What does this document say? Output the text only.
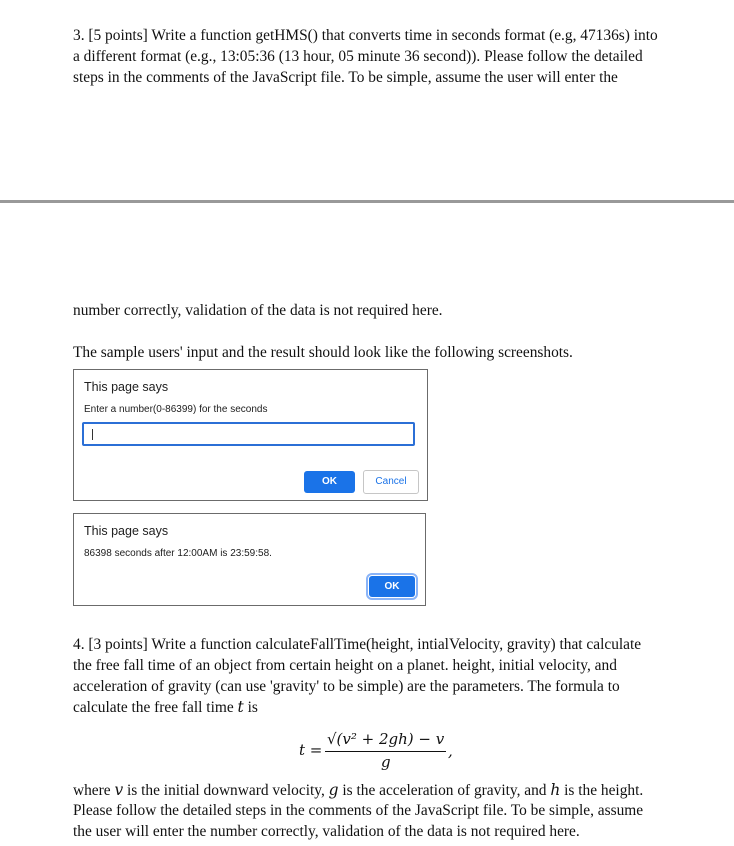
3. [5 points] Write a function getHMS() that converts time in seconds format (e.g, 47136s) into
a different format (e.g., 13:05:36 (13 hour, 05 minute 36 second)). Please follow the detailed
steps in the comments of the JavaScript file. To be simple, assume the user will enter the
number correctly, validation of the data is not required here.
The sample users' input and the result should look like the following screenshots.
This page says
Enter a number(0-86399) for the seconds
OK	Cancel
This page says
86398 seconds after 12:00AM is 23:59:58.
OK
4. [3 points] Write a function calculateFallTime(height, intialVelocity, gravity) that calculate
the free fall time of an object from certain height on a planet. height, initial velocity, and
acceleration of gravity (can use 'gravity' to be simple) are the parameters. The formula to
calculate the free fall time t is
t =
√(v² + 2gh) − v
g
,
where v is the initial downward velocity, g is the acceleration of gravity, and h is the height.
Please follow the detailed steps in the comments of the JavaScript file. To be simple, assume
the user will enter the number correctly, validation of the data is not required here.
